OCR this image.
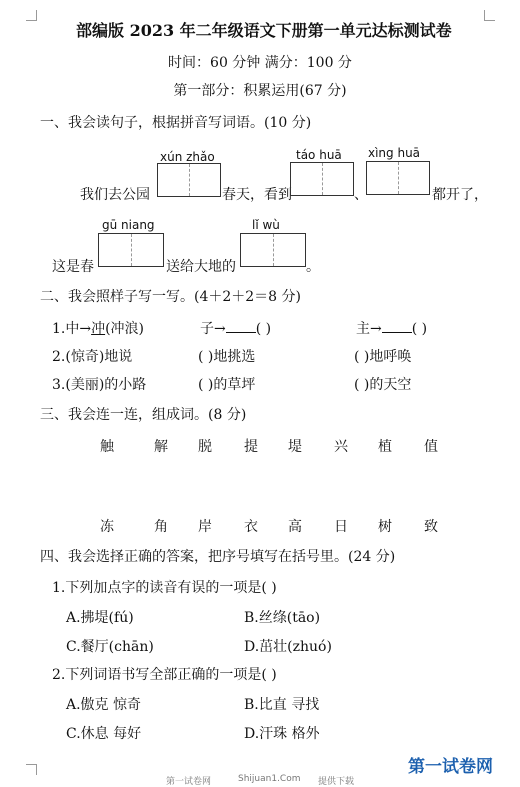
部编版 2023 年二年级语文下册第一单元达标测试卷
时间：60 分钟 满分：100 分
第一部分：积累运用(67 分)
一、我会读句子，根据拼音写词语。(10 分)
xún zhǎo	táo huā xìng huā
我们去公园	春天，看到	、	都开了，
gū niang	lǐ wù
这是春	送给大地的	。
二、我会照样子写一写。(4＋2＋2＝8 分)
1.中→冲(冲浪)	子→ ( )	主→ ( )
2.(惊奇)地说	( )地挑选	( )地呼唤
3.(美丽)的小路	( )的草坪	( )的天空
三、我会连一连，组成词。(8 分)
触	解 脱 提 堤 兴 植 值
冻	角 岸 衣 高 日 树 致
四、我会选择正确的答案，把序号填写在括号里。(24 分)
1.下列加点字的读音有误的一项是( )
A.拂堤(fú)	B.丝绦(tāo)
C.餐厅(chān)	D.茁壮(zhuó)
2.下列词语书写全部正确的一项是( )
A.傲克 惊奇	B.比直 寻找
C.休息 每好	D.汗珠 格外
第一试卷网	Shijuan1.Com 提供下载
第一试卷网
